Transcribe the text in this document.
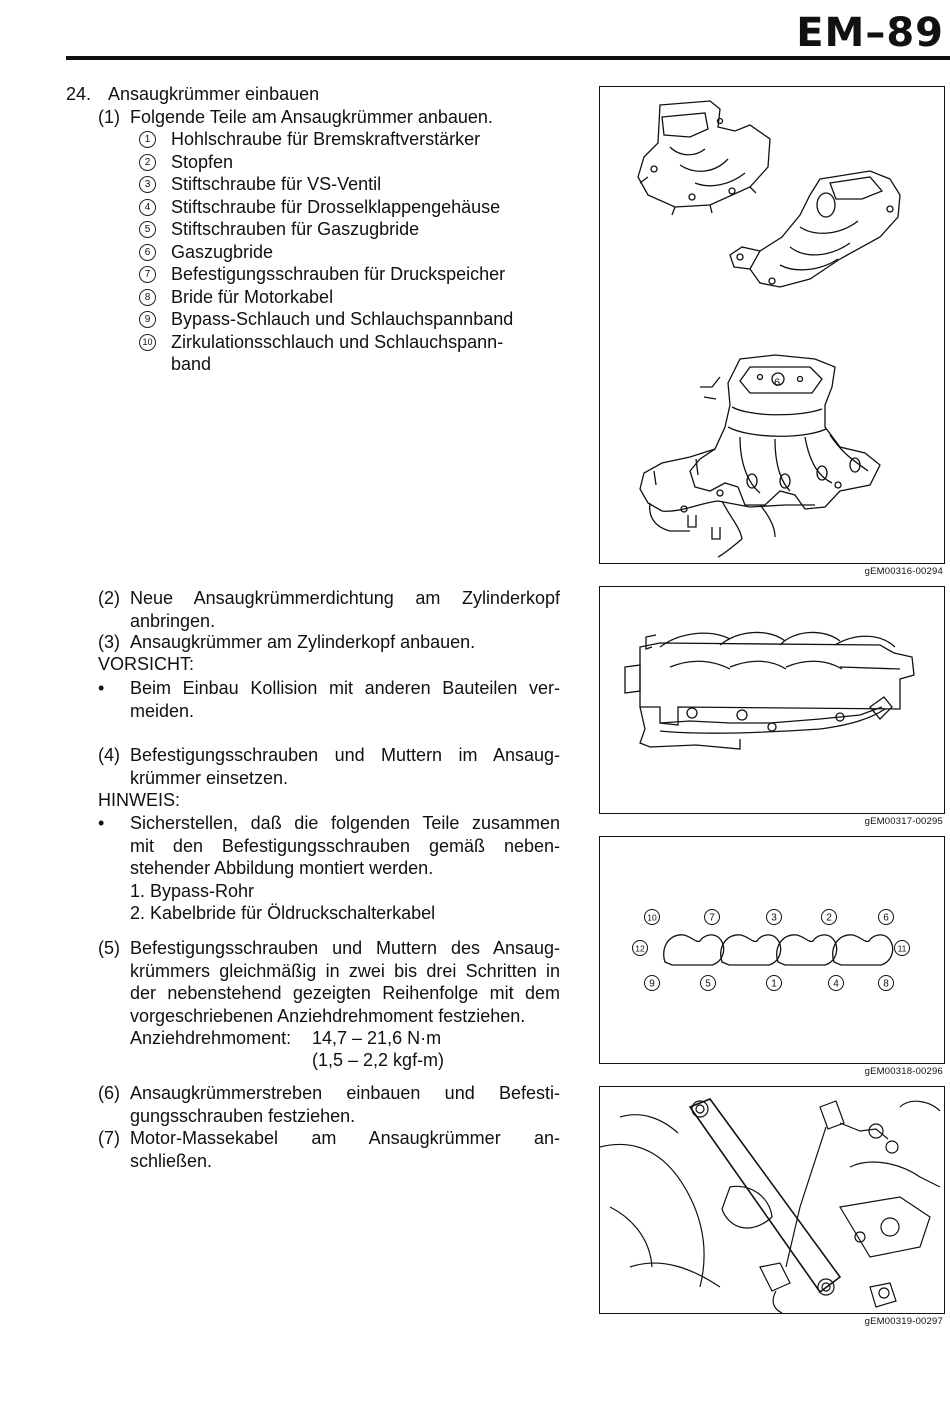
EM–89
24. Ansaugkrümmer einbauen
(1) Folgende Teile am Ansaugkrümmer anbauen.
1	Hohlschraube für Bremskraftverstärker
2	Stopfen
3	Stiftschraube für VS-Ventil
4	Stiftschraube für Drosselklappengehäuse
5	Stiftschrauben für Gaszugbride
6	Gaszugbride
7	Befestigungsschrauben für Druckspeicher
8	Bride für Motorkabel
9	Bypass-Schlauch und Schlauchspannband
10 Zirkulationsschlauch und Schlauchspann-
band
(2) Neue Ansaugkrümmerdichtung am Zylinderkopf
anbringen.
(3) Ansaugkrümmer am Zylinderkopf anbauen.
VORSICHT:
• Beim Einbau Kollision mit anderen Bauteilen ver-
meiden.
(4) Befestigungsschrauben und Muttern im Ansaug-
krümmer einsetzen.
HINWEIS:
• Sicherstellen, daß die folgenden Teile zusammen
mit den Befestigungsschrauben gemäß neben-
stehender Abbildung montiert werden.
1. Bypass-Rohr
2. Kabelbride für Öldruckschalterkabel
(5) Befestigungsschrauben und Muttern des Ansaug-
krümmers gleichmäßig in zwei bis drei Schritten in
der nebenstehend gezeigten Reihenfolge mit dem
vorgeschriebenen Anziehdrehmoment festziehen.
Anziehdrehmoment: 14,7 – 21,6 N·m
(1,5 – 2,2 kgf-m)
(6) Ansaugkrümmerstreben einbauen und Befesti-
gungsschrauben festziehen.
(7) Motor-Massekabel am Ansaugkrümmer an-
schließen.
6
gEM00316-00294
gEM00317-00295
10	7	3	2	6
12	11
9	5	1	4	8
gEM00318-00296
gEM00319-00297
